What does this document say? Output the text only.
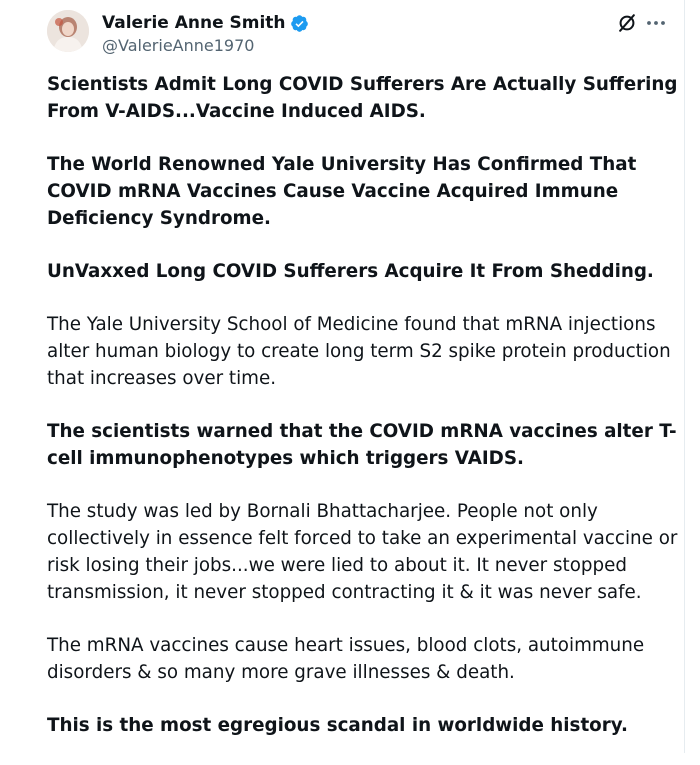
Valerie Anne Smith
@ValerieAnne1970

Scientists Admit Long COVID Sufferers Are Actually Suffering From V-AIDS...Vaccine Induced AIDS.

The World Renowned Yale University Has Confirmed That COVID mRNA Vaccines Cause Vaccine Acquired Immune Deficiency Syndrome.

UnVaxxed Long COVID Sufferers Acquire It From Shedding.

The Yale University School of Medicine found that mRNA injections alter human biology to create long term S2 spike protein production that increases over time.

The scientists warned that the COVID mRNA vaccines alter T-cell immunophenotypes which triggers VAIDS.

The study was led by Bornali Bhattacharjee. People not only collectively in essence felt forced to take an experimental vaccine or risk losing their jobs...we were lied to about it. It never stopped transmission, it never stopped contracting it & it was never safe.

The mRNA vaccines cause heart issues, blood clots, autoimmune disorders & so many more grave illnesses & death.

This is the most egregious scandal in worldwide history.
